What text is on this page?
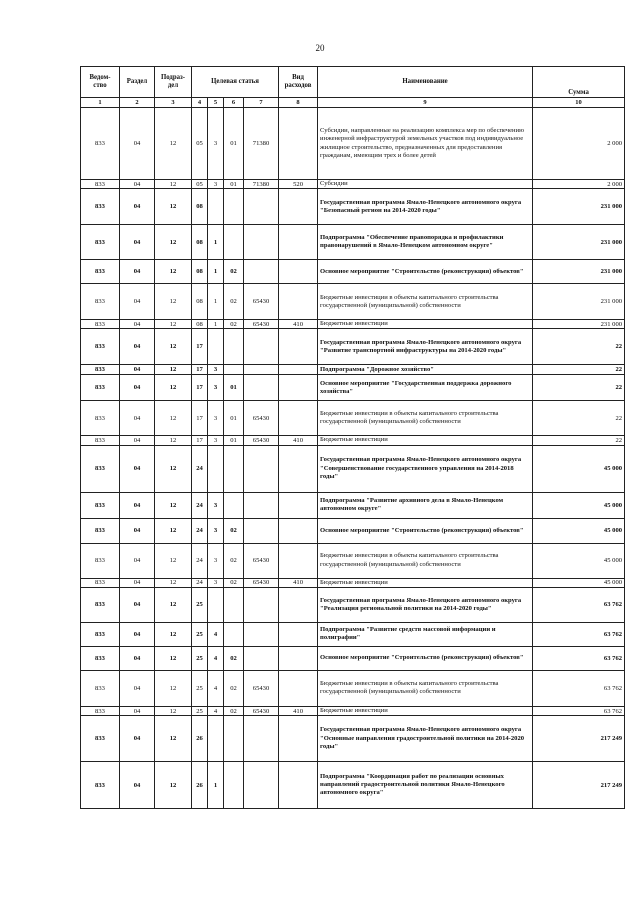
20
Ведом-ство	Раздел	Подраз-дел	Целевая статья				Вид расходов	Наименование	Сумма
1	2	3	4	5	6	7	8	9	10
833	04	12	05	3	01	71380		Субсидии, направленные на реализацию комплекса мер по обеспечению инженерной инфраструктурой земельных участков под индивидуальное жилищное строительство, предназначенных для предоставления гражданам, имеющим трех и более детей	2 000
833	04	12	05	3	01	71380	520	Субсидии	2 000
833	04	12	08					Государственная программа Ямало-Ненецкого автономного округа "Безопасный регион на 2014-2020 годы"	231 000
833	04	12	08	1				Подпрограмма "Обеспечение правопорядка и профилактики правонарушений в Ямало-Ненецком автономном округе"	231 000
833	04	12	08	1	02			Основное мероприятие "Строительство (реконструкция) объектов"	231 000
833	04	12	08	1	02	65430		Бюджетные инвестиции в объекты капитального строительства государственной (муниципальной) собственности	231 000
833	04	12	08	1	02	65430	410	Бюджетные инвестиции	231 000
833	04	12	17					Государственная программа Ямало-Ненецкого автономного округа "Развитие транспортной инфраструктуры на 2014-2020 годы"	22
833	04	12	17	3				Подпрограмма "Дорожное хозяйство"	22
833	04	12	17	3	01			Основное мероприятие "Государственная поддержка дорожного хозяйства"	22
833	04	12	17	3	01	65430		Бюджетные инвестиции в объекты капитального строительства государственной (муниципальной) собственности	22
833	04	12	17	3	01	65430	410	Бюджетные инвестиции	22
833	04	12	24					Государственная программа Ямало-Ненецкого автономного округа "Совершенствование государственного управления на 2014-2018 годы"	45 000
833	04	12	24	3				Подпрограмма "Развитие архивного дела в Ямало-Ненецком автономном округе"	45 000
833	04	12	24	3	02			Основное мероприятие "Строительство (реконструкция) объектов"	45 000
833	04	12	24	3	02	65430		Бюджетные инвестиции в объекты капитального строительства государственной (муниципальной) собственности	45 000
833	04	12	24	3	02	65430	410	Бюджетные инвестиции	45 000
833	04	12	25					Государственная программа Ямало-Ненецкого автономного округа "Реализация региональной политики на 2014-2020 годы"	63 762
833	04	12	25	4				Подпрограмма "Развитие средств массовой информации и полиграфии"	63 762
833	04	12	25	4	02			Основное мероприятие "Строительство (реконструкция) объектов"	63 762
833	04	12	25	4	02	65430		Бюджетные инвестиции в объекты капитального строительства государственной (муниципальной) собственности	63 762
833	04	12	25	4	02	65430	410	Бюджетные инвестиции	63 762
833	04	12	26					Государственная программа Ямало-Ненецкого автономного округа "Основные направления градостроительной политики на 2014-2020 годы"	217 249
833	04	12	26	1				Подпрограмма "Координация работ по реализации основных направлений градостроительной политики Ямало-Ненецкого автономного округа"	217 249
